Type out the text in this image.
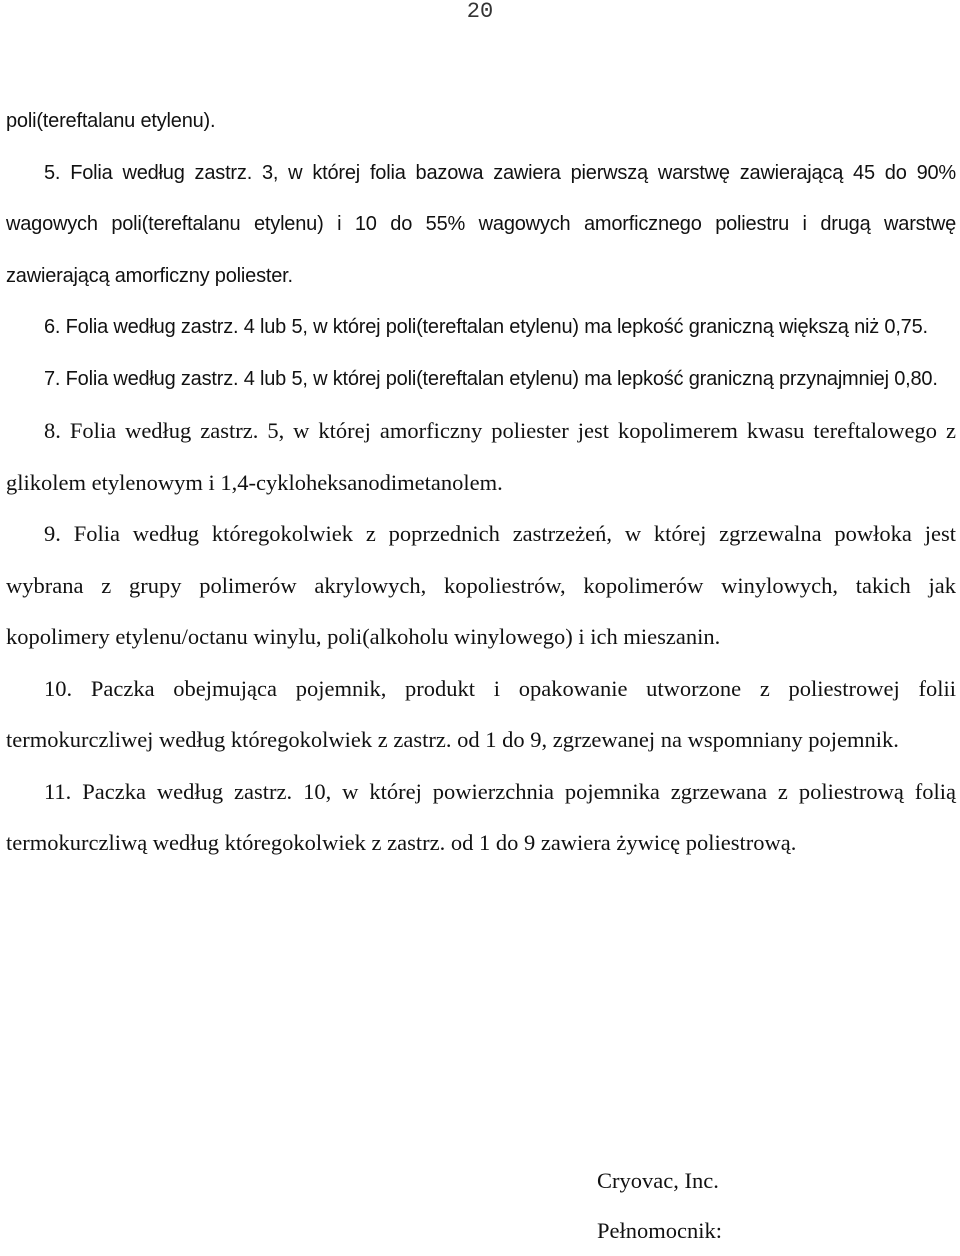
20

poli(tereftalanu etylenu).

5. Folia według zastrz. 3, w której folia bazowa zawiera pierwszą warstwę zawierającą 45 do 90% wagowych poli(tereftalanu etylenu) i 10 do 55% wagowych amorficznego poliestru i drugą warstwę zawierającą amorficzny poliester.

6. Folia według zastrz. 4 lub 5, w której poli(tereftalan etylenu) ma lepkość graniczną większą niż 0,75.

7. Folia według zastrz. 4 lub 5, w której poli(tereftalan etylenu) ma lepkość graniczną przynajmniej 0,80.

8. Folia według zastrz. 5, w której amorficzny poliester jest kopolimerem kwasu tereftalowego z glikolem etylenowym i 1,4-cykloheksanodimetanolem.

9. Folia według któregokolwiek z poprzednich zastrzeżeń, w której zgrzewalna powłoka jest wybrana z grupy polimerów akrylowych, kopoliestrów, kopolimerów winylowych, takich jak kopolimery etylenu/octanu winylu, poli(alkoholu winylowego) i ich mieszanin.

10. Paczka obejmująca pojemnik, produkt i opakowanie utworzone z poliestrowej folii termokurczliwej według któregokolwiek z zastrz. od 1 do 9, zgrzewanej na wspomniany pojemnik.

11. Paczka według zastrz. 10, w której powierzchnia pojemnika zgrzewana z poliestrową folią termokurczliwą według któregokolwiek z zastrz. od 1 do 9 zawiera żywicę poliestrową.

Cryovac, Inc.
Pełnomocnik:
